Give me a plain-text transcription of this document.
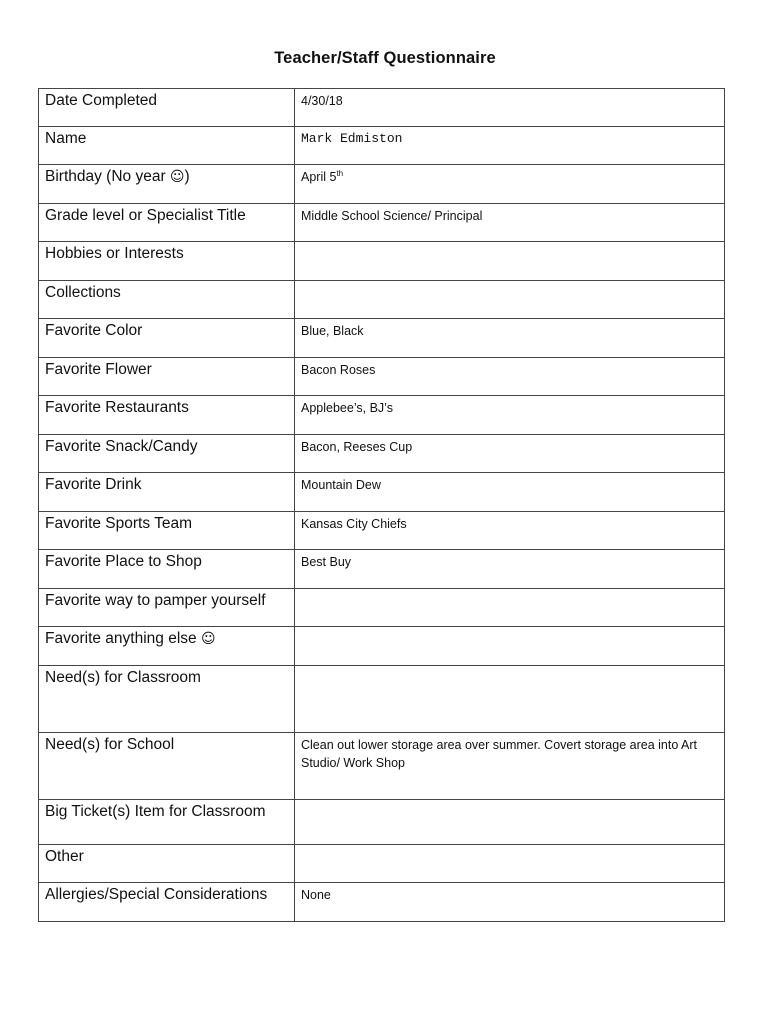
Teacher/Staff Questionnaire
Date Completed	4/30/18
Name	Mark Edmiston
Birthday (No year ☺)	April 5th
Grade level or Specialist Title	Middle School Science/ Principal
Hobbies or Interests	
Collections	
Favorite Color	Blue, Black
Favorite Flower	Bacon Roses
Favorite Restaurants	Applebee’s, BJ’s
Favorite Snack/Candy	Bacon, Reeses Cup
Favorite Drink	Mountain Dew
Favorite Sports Team	Kansas City Chiefs
Favorite Place to Shop	Best Buy
Favorite way to pamper yourself	
Favorite anything else ☺	
Need(s) for Classroom	
Need(s) for School	Clean out lower storage area over summer. Covert storage area into Art Studio/ Work Shop
Big Ticket(s) Item for Classroom	
Other	
Allergies/Special Considerations	None
